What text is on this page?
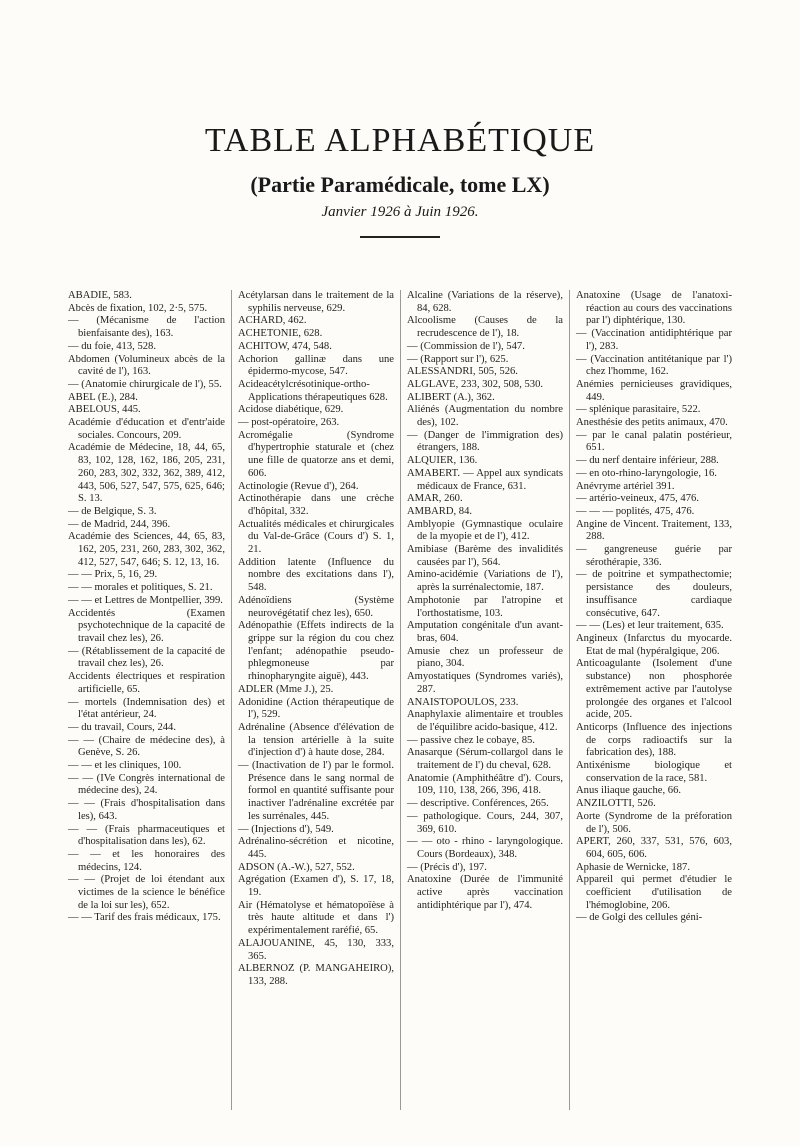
TABLE ALPHABÉTIQUE
(Partie Paramédicale, tome LX)
Janvier 1926 à Juin 1926.

ABADIE, 583.

Abcès de fixation, 102, 2·5, 575.

— (Mécanisme de l'action bienfaisante des), 163.

— du foie, 413, 528.

Abdomen (Volumineux abcès de la cavité de l'), 163.

— (Anatomie chirurgicale de l'), 55.

ABEL (E.), 284.

ABELOUS, 445.

Académie d'éducation et d'entr'aide sociales. Concours, 209.

Académie de Médecine, 18, 44, 65, 83, 102, 128, 162, 186, 205, 231, 260, 283, 302, 332, 362, 389, 412, 443, 506, 527, 547, 575, 625, 646; S. 13.

— de Belgique, S. 3.

— de Madrid, 244, 396.

Académie des Sciences, 44, 65, 83, 162, 205, 231, 260, 283, 302, 362, 412, 527, 547, 646; S. 12, 13, 16.

— — Prix, 5, 16, 29.

— — morales et politiques, S. 21.

— — et Lettres de Montpellier, 399.

Accidentés (Examen psychotechnique de la capacité de travail chez les), 26.

— (Rétablissement de la capacité de travail chez les), 26.

Accidents électriques et respiration artificielle, 65.

— mortels (Indemnisation des) et l'état antérieur, 24.

— du travail, Cours, 244.

— — (Chaire de médecine des), à Genève, S. 26.

— — et les cliniques, 100.

— — (IVe Congrès international de médecine des), 24.

— — (Frais d'hospitalisation dans les), 643.

— — (Frais pharmaceutiques et d'hospitalisation dans les), 62.

— — et les honoraires des médecins, 124.

— — (Projet de loi étendant aux victimes de la science le bénéfice de la loi sur les), 652.

— — Tarif des frais médicaux, 175.

Acétylarsan dans le traitement de la syphilis nerveuse, 629.

ACHARD, 462.

ACHETONIE, 628.

ACHITOW, 474, 548.

Achorion gallinæ dans une épidermo-mycose, 547.

Acideacétylcrésotinique-ortho-Applications thérapeutiques 628.

Acidose diabétique, 629.

— post-opératoire, 263.

Acromégalie (Syndrome d'hypertrophie staturale et (chez une fille de quatorze ans et demi, 606.

Actinologie (Revue d'), 264.

Actinothérapie dans une crèche d'hôpital, 332.

Actualités médicales et chirurgicales du Val-de-Grâce (Cours d') S. 1, 21.

Addition latente (Influence du nombre des excitations dans l'), 548.

Adénoïdiens (Système neurovégétatif chez les), 650.

Adénopathie (Effets indirects de la grippe sur la région du cou chez l'enfant; adénopathie pseudo-phlegmoneuse par rhinopharyngite aiguë), 443.

ADLER (Mme J.), 25.

Adonidine (Action thérapeutique de l'), 529.

Adrénaline (Absence d'élévation de la tension artérielle à la suite d'injection d') à haute dose, 284.

— (Inactivation de l') par le formol. Présence dans le sang normal de formol en quantité suffisante pour inactiver l'adrénaline excrétée par les surrénales, 445.

— (Injections d'), 549.

Adrénalino-sécrétion et nicotine, 445.

ADSON (A.-W.), 527, 552.

Agrégation (Examen d'), S. 17, 18, 19.

Air (Hématolyse et hématopoïèse à très haute altitude et dans l') expérimentalement raréfié, 65.

ALAJOUANINE, 45, 130, 333, 365.

ALBERNOZ (P. MANGAHEIRO), 133, 288.

Alcaline (Variations de la réserve), 84, 628.

Alcoolisme (Causes de la recrudescence de l'), 18.

— (Commission de l'), 547.

— (Rapport sur l'), 625.

ALESSANDRI, 505, 526.

ALGLAVE, 233, 302, 508, 530.

ALIBERT (A.), 362.

Aliénés (Augmentation du nombre des), 102.

— (Danger de l'immigration des) étrangers, 188.

ALQUIER, 136.

AMABERT. — Appel aux syndicats médicaux de France, 631.

AMAR, 260.

AMBARD, 84.

Amblyopie (Gymnastique oculaire de la myopie et de l'), 412.

Amibiase (Barème des invalidités causées par l'), 564.

Amino-acidémie (Variations de l'), après la surrénalectomie, 187.

Amphotonie par l'atropine et l'orthostatisme, 103.

Amputation congénitale d'un avant-bras, 604.

Amusie chez un professeur de piano, 304.

Amyostatiques (Syndromes variés), 287.

ANAISTOPOULOS, 233.

Anaphylaxie alimentaire et troubles de l'équilibre acido-basique, 412.

— passive chez le cobaye, 85.

Anasarque (Sérum-collargol dans le traitement de l') du cheval, 628.

Anatomie (Amphithéâtre d'). Cours, 109, 110, 138, 266, 396, 418.

— descriptive. Conférences, 265.

— pathologique. Cours, 244, 307, 369, 610.

— — oto - rhino - laryngologique. Cours (Bordeaux), 348.

— (Précis d'), 197.

Anatoxine (Durée de l'immunité active après vaccination antidiphtérique par l'), 474.

Anatoxine (Usage de l'anatoxi-réaction au cours des vaccinations par l') diphtérique, 130.

— (Vaccination antidiphtérique par l'), 283.

— (Vaccination antitétanique par l') chez l'homme, 162.

Anémies pernicieuses gravidiques, 449.

— splénique parasitaire, 522.

Anesthésie des petits animaux, 470.

— par le canal palatin postérieur, 651.

— du nerf dentaire inférieur, 288.

— en oto-rhino-laryngologie, 16.

Anévryme artériel 391.

— artério-veineux, 475, 476.

— — — poplités, 475, 476.

Angine de Vincent. Traitement, 133, 288.

— gangreneuse guérie par sérothérapie, 336.

— de poitrine et sympathectomie; persistance des douleurs, insuffisance cardiaque consécutive, 647.

— — (Les) et leur traitement, 635.

Angineux (Infarctus du myocarde. Etat de mal (hypéralgique, 206.

Anticoagulante (Isolement d'une substance) non phosphorée extrêmement active par l'autolyse prolongée des organes et l'alcool acide, 205.

Anticorps (Influence des injections de corps radioactifs sur la fabrication des), 188.

Antixénisme biologique et conservation de la race, 581.

Anus iliaque gauche, 66.

ANZILOTTI, 526.

Aorte (Syndrome de la préforation de l'), 506.

APERT, 260, 337, 531, 576, 603, 604, 605, 606.

Aphasie de Wernicke, 187.

Appareil qui permet d'étudier le coefficient d'utilisation de l'hémoglobine, 206.

— de Golgi des cellules géni-
